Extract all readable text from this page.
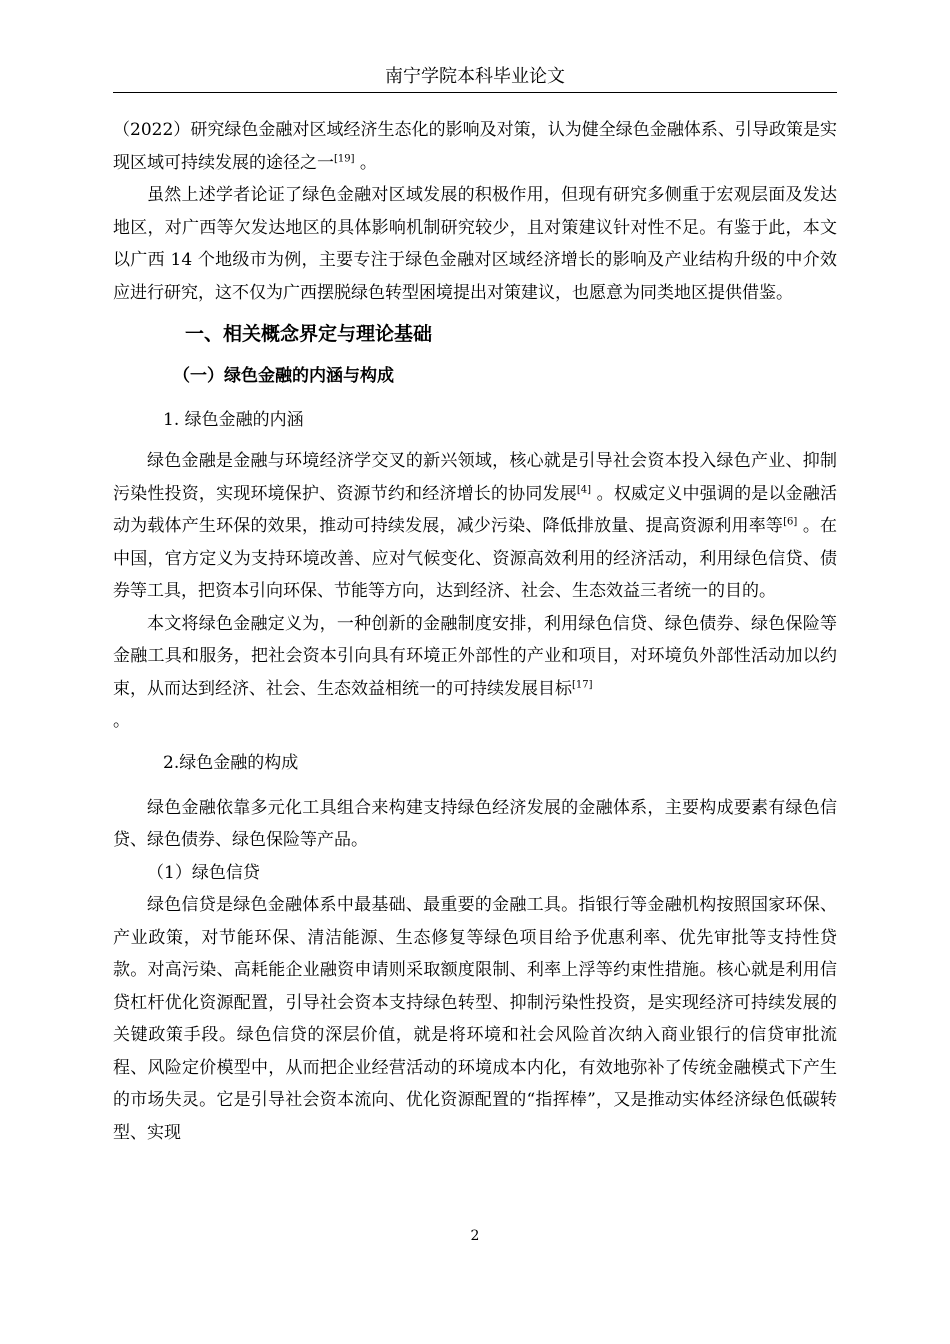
南宁学院本科毕业论文

（2022）研究绿色金融对区域经济生态化的影响及对策，认为健全绿色金融体系、引导政策是实现区域可持续发展的途径之一[19] 。

虽然上述学者论证了绿色金融对区域发展的积极作用，但现有研究多侧重于宏观层面及发达地区，对广西等欠发达地区的具体影响机制研究较少，且对策建议针对性不足。有鉴于此，本文以广西 14 个地级市为例，主要专注于绿色金融对区域经济增长的影响及产业结构升级的中介效应进行研究，这不仅为广西摆脱绿色转型困境提出对策建议，也愿意为同类地区提供借鉴。

一、相关概念界定与理论基础

（一）绿色金融的内涵与构成

1. 绿色金融的内涵

绿色金融是金融与环境经济学交叉的新兴领域，核心就是引导社会资本投入绿色产业、抑制污染性投资，实现环境保护、资源节约和经济增长的协同发展[4] 。权威定义中强调的是以金融活动为载体产生环保的效果，推动可持续发展，减少污染、降低排放量、提高资源利用率等[6] 。在中国，官方定义为支持环境改善、应对气候变化、资源高效利用的经济活动，利用绿色信贷、债券等工具，把资本引向环保、节能等方向，达到经济、社会、生态效益三者统一的目的。

本文将绿色金融定义为，一种创新的金融制度安排，利用绿色信贷、绿色债券、绿色保险等金融工具和服务，把社会资本引向具有环境正外部性的产业和项目，对环境负外部性活动加以约束，从而达到经济、社会、生态效益相统一的可持续发展目标[17]
。

2.绿色金融的构成

绿色金融依靠多元化工具组合来构建支持绿色经济发展的金融体系，主要构成要素有绿色信贷、绿色债券、绿色保险等产品。

（1）绿色信贷

绿色信贷是绿色金融体系中最基础、最重要的金融工具。指银行等金融机构按照国家环保、产业政策，对节能环保、清洁能源、生态修复等绿色项目给予优惠利率、优先审批等支持性贷款。对高污染、高耗能企业融资申请则采取额度限制、利率上浮等约束性措施。核心就是利用信贷杠杆优化资源配置，引导社会资本支持绿色转型、抑制污染性投资，是实现经济可持续发展的关键政策手段。绿色信贷的深层价值，就是将环境和社会风险首次纳入商业银行的信贷审批流程、风险定价模型中，从而把企业经营活动的环境成本内化，有效地弥补了传统金融模式下产生的市场失灵。它是引导社会资本流向、优化资源配置的“指挥棒”，又是推动实体经济绿色低碳转型、实现

2
